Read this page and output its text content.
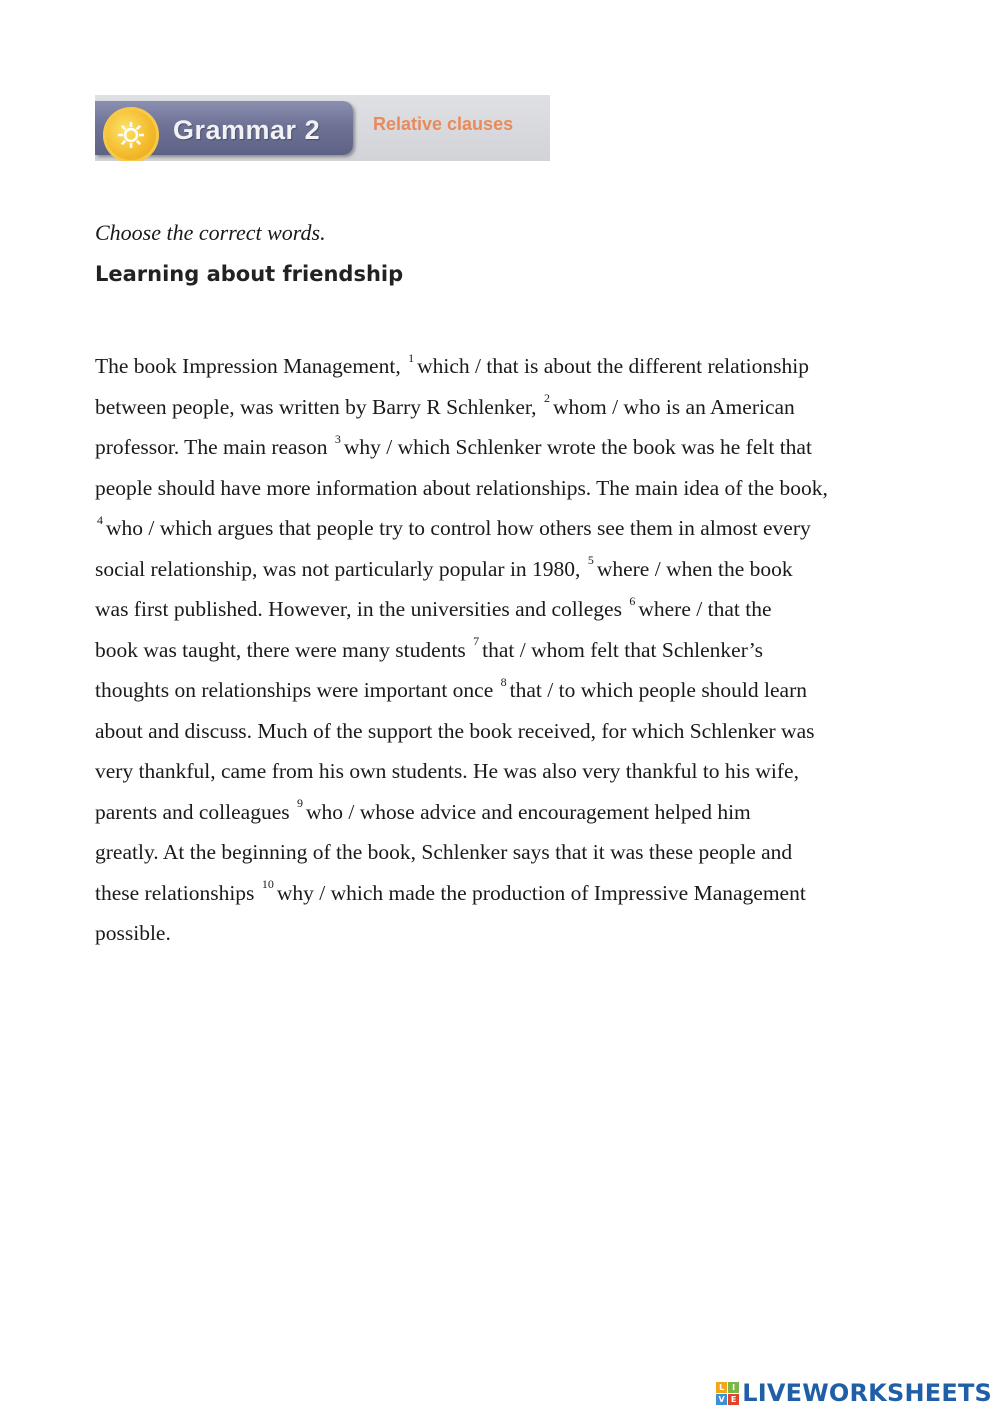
Grammar 2	Relative clauses

Choose the correct words.

Learning about friendship
The book Impression Management, $^1$ which / that is about the different relationship
between people, was written by Barry R Schlenker, $^2$ whom / who is an American
professor. The main reason $^3$ why / which Schlenker wrote the book was he felt that
people should have more information about relationships. The main idea of the book,
$^4$ who / which argues that people try to control how others see them in almost every
social relationship, was not particularly popular in 1980, $^5$ where / when the book
was first published. However, in the universities and colleges $^6$ where / that the
book was taught, there were many students $^7$ that / whom felt that Schlenker’s
thoughts on relationships were important once $^8$ that / to which people should learn
about and discuss. Much of the support the book received, for which Schlenker was
very thankful, came from his own students. He was also very thankful to his wife,
parents and colleagues $^9$ who / whose advice and encouragement helped him
greatly. At the beginning of the book, Schlenker says that it was these people and
these relationships $^{10}$ why / which made the production of Impressive Management
possible.
L I
V E LIVEWORKSHEETS
